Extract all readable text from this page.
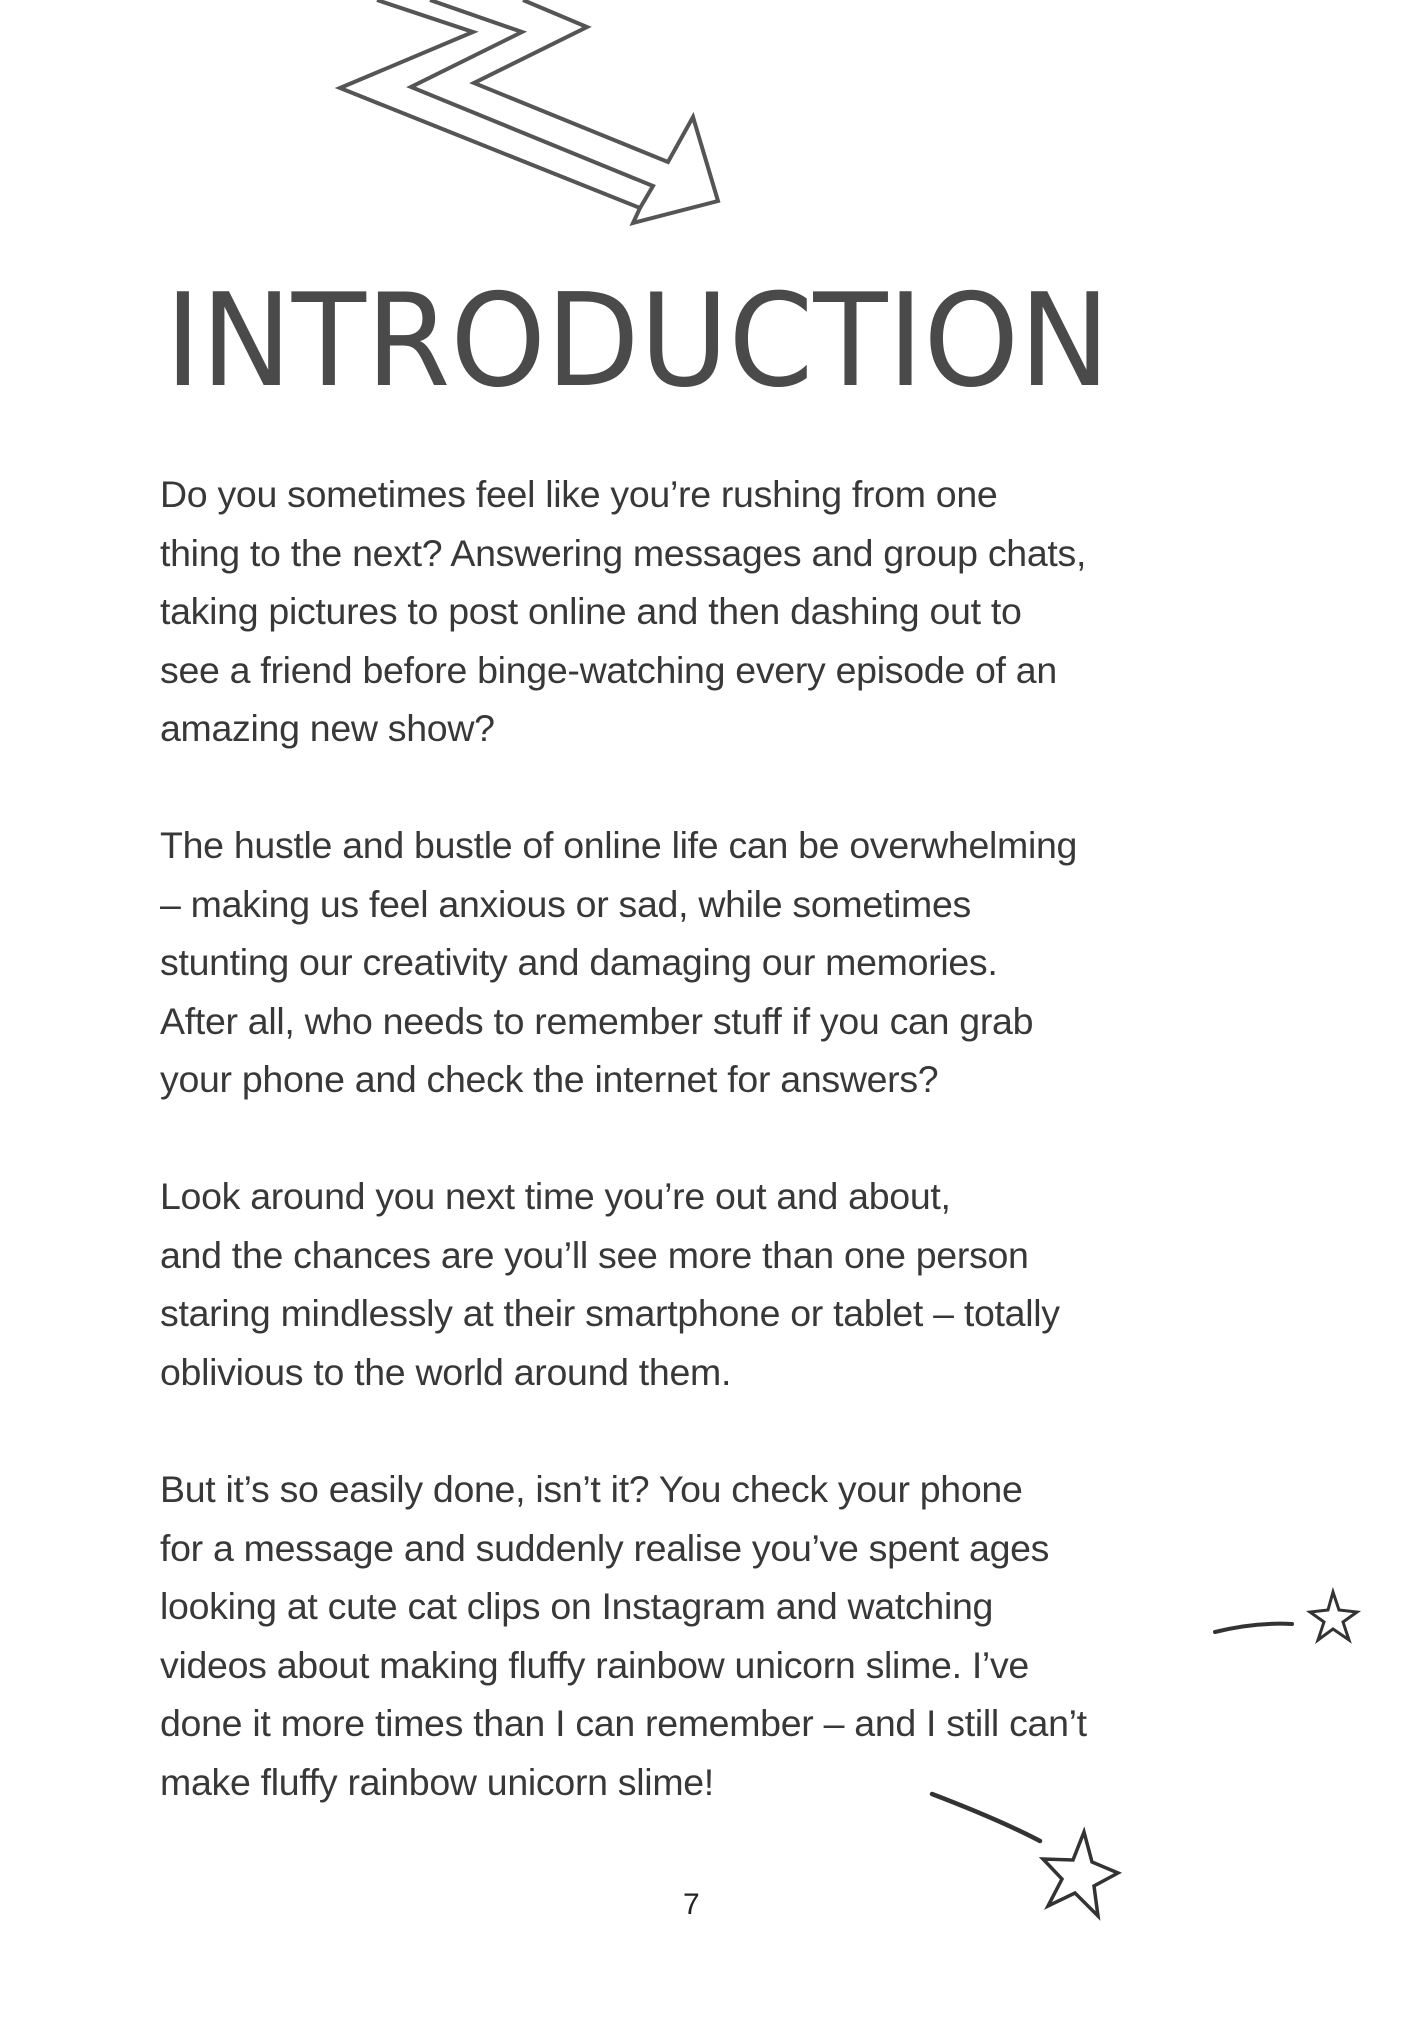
INTRODUCTION

Do you sometimes feel like you’re rushing from one
thing to the next? Answering messages and group chats,
taking pictures to post online and then dashing out to
see a friend before binge-watching every episode of an
amazing new show?

The hustle and bustle of online life can be overwhelming
– making us feel anxious or sad, while sometimes
stunting our creativity and damaging our memories.
After all, who needs to remember stuff if you can grab
your phone and check the internet for answers?

Look around you next time you’re out and about,
and the chances are you’ll see more than one person
staring mindlessly at their smartphone or tablet – totally
oblivious to the world around them.

But it’s so easily done, isn’t it? You check your phone
for a message and suddenly realise you’ve spent ages
looking at cute cat clips on Instagram and watching
videos about making fluffy rainbow unicorn slime. I’ve
done it more times than I can remember – and I still can’t
make fluffy rainbow unicorn slime!

7
